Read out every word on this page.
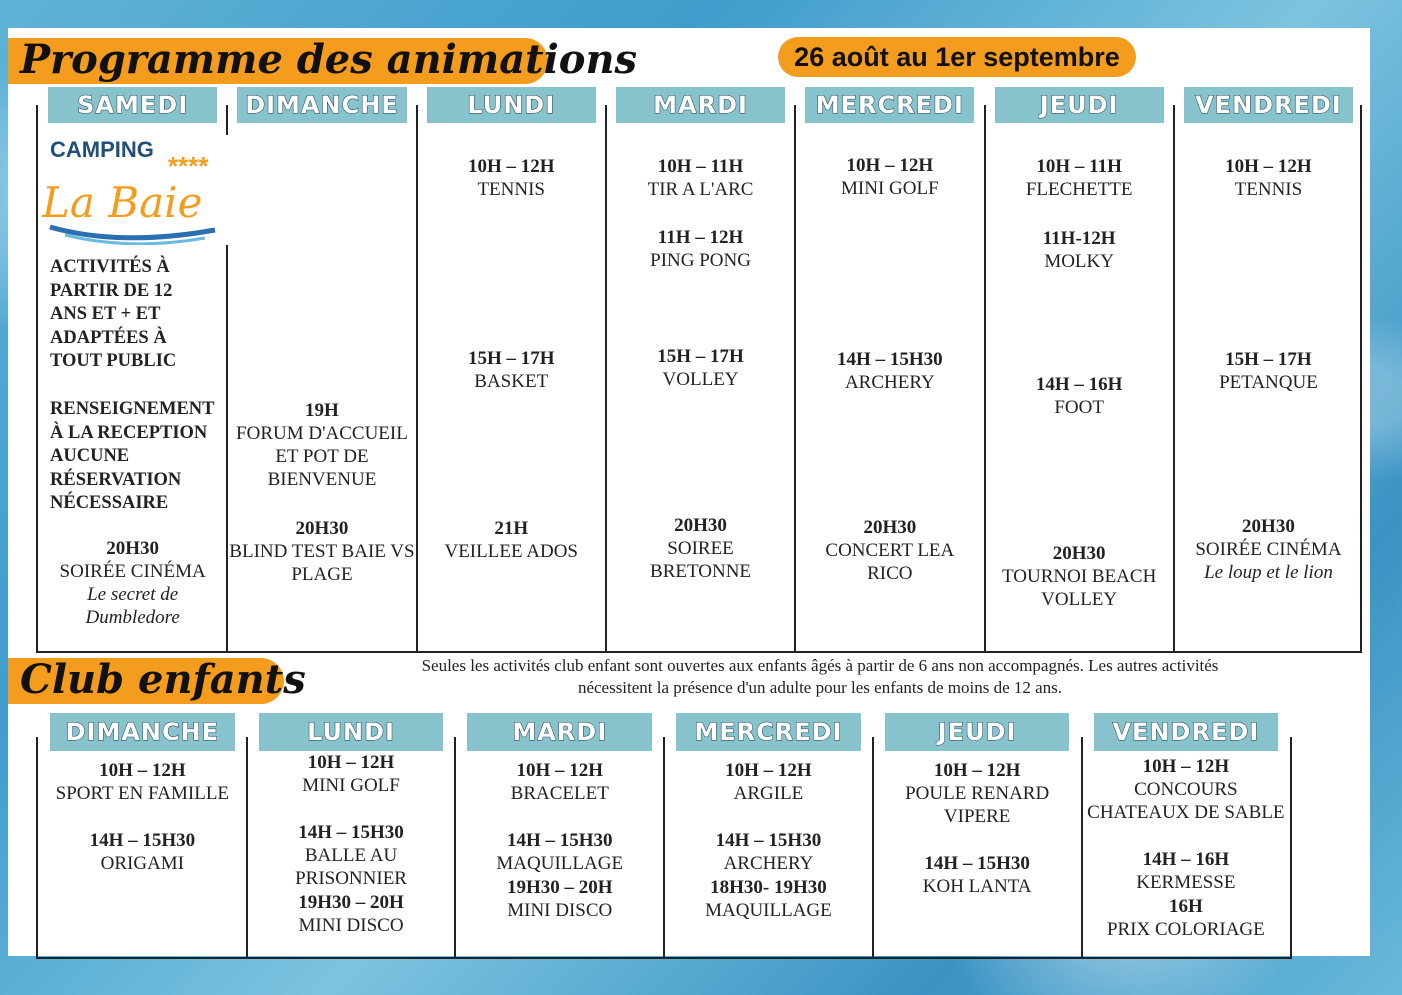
Programme des animations	26 août au 1er septembre
SAMEDI
20H30
SOIRÉE CINÉMA
Le secret de
Dumbledore
DIMANCHE
19H
FORUM D'ACCUEIL
ET POT DE
BIENVENUE
20H30
BLIND TEST BAIE VS
PLAGE
LUNDI
10H – 12H
TENNIS
15H – 17H
BASKET
21H
VEILLEE ADOS
MARDI
10H – 11H
TIR A L'ARC
11H – 12H
PING PONG
15H – 17H
VOLLEY
20H30
SOIREE
BRETONNE
MERCREDI
10H – 12H
MINI GOLF
14H – 15H30
ARCHERY
20H30
CONCERT LEA
RICO
JEUDI
10H – 11H
FLECHETTE
11H-12H
MOLKY
14H – 16H
FOOT
20H30
TOURNOI BEACH
VOLLEY
VENDREDI
10H – 12H
TENNIS
15H – 17H
PETANQUE
20H30
SOIRÉE CINÉMA
Le loup et le lion
CAMPING
****
La Baie
ACTIVITÉS À
PARTIR DE 12
ANS ET + ET
ADAPTÉES À
TOUT PUBLIC
RENSEIGNEMENT
À LA RECEPTION
AUCUNE
RÉSERVATION
NÉCESSAIRE
Club enfants	Seules les activités club enfant sont ouvertes aux enfants âgés à partir de 6 ans non accompagnés. Les autres activités
nécessitent la présence d'un adulte pour les enfants de moins de 12 ans.
DIMANCHE
10H – 12H
SPORT EN FAMILLE
14H – 15H30
ORIGAMI
LUNDI
10H – 12H
MINI GOLF
14H – 15H30
BALLE AU
PRISONNIER
19H30 – 20H
MINI DISCO
MARDI
10H – 12H
BRACELET
14H – 15H30
MAQUILLAGE
19H30 – 20H
MINI DISCO
MERCREDI
10H – 12H
ARGILE
14H – 15H30
ARCHERY
18H30- 19H30
MAQUILLAGE
JEUDI
10H – 12H
POULE RENARD
VIPERE
14H – 15H30
KOH LANTA
VENDREDI
10H – 12H
CONCOURS
CHATEAUX DE SABLE
14H – 16H
KERMESSE
16H
PRIX COLORIAGE
